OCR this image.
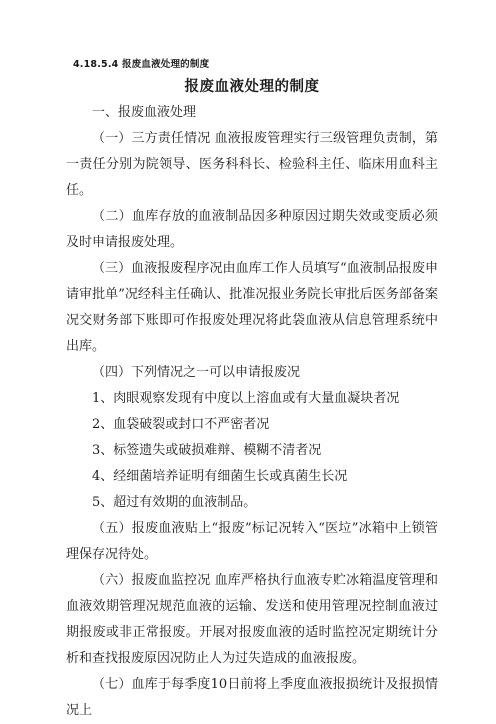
4.18.5.4 报废血液处理的制度
报废血液处理的制度

一、报废血液处理

（一）三方责任情况 血液报废管理实行三级管理负责制，第一责任分别为院领导、医务科科长、检验科主任、临床用血科主任。

（二）血库存放的血液制品因多种原因过期失效或变质必须及时申请报废处理。

（三）血液报废程序况由血库工作人员填写“血液制品报废申请审批单”况经科主任确认、批准况报业务院长审批后医务部备案况交财务部下账即可作报废处理况将此袋血液从信息管理系统中出库。

（四）下列情况之一可以申请报废况

1、肉眼观察发现有中度以上溶血或有大量血凝块者况

2、血袋破裂或封口不严密者况

3、标签遗失或破损难辩、模糊不清者况

4、经细菌培养证明有细菌生长或真菌生长况

5、超过有效期的血液制品。

（五）报废血液贴上“报废”标记况转入“医垃”冰箱中上锁管理保存况待处。

（六）报废血监控况 血库严格执行血液专贮冰箱温度管理和血液效期管理况规范血液的运输、发送和使用管理况控制血液过期报废或非正常报废。开展对报废血液的适时监控况定期统计分析和查找报废原因况防止人为过失造成的血液报废。

（七）血库于每季度10日前将上季度血液报损统计及报损情况上
